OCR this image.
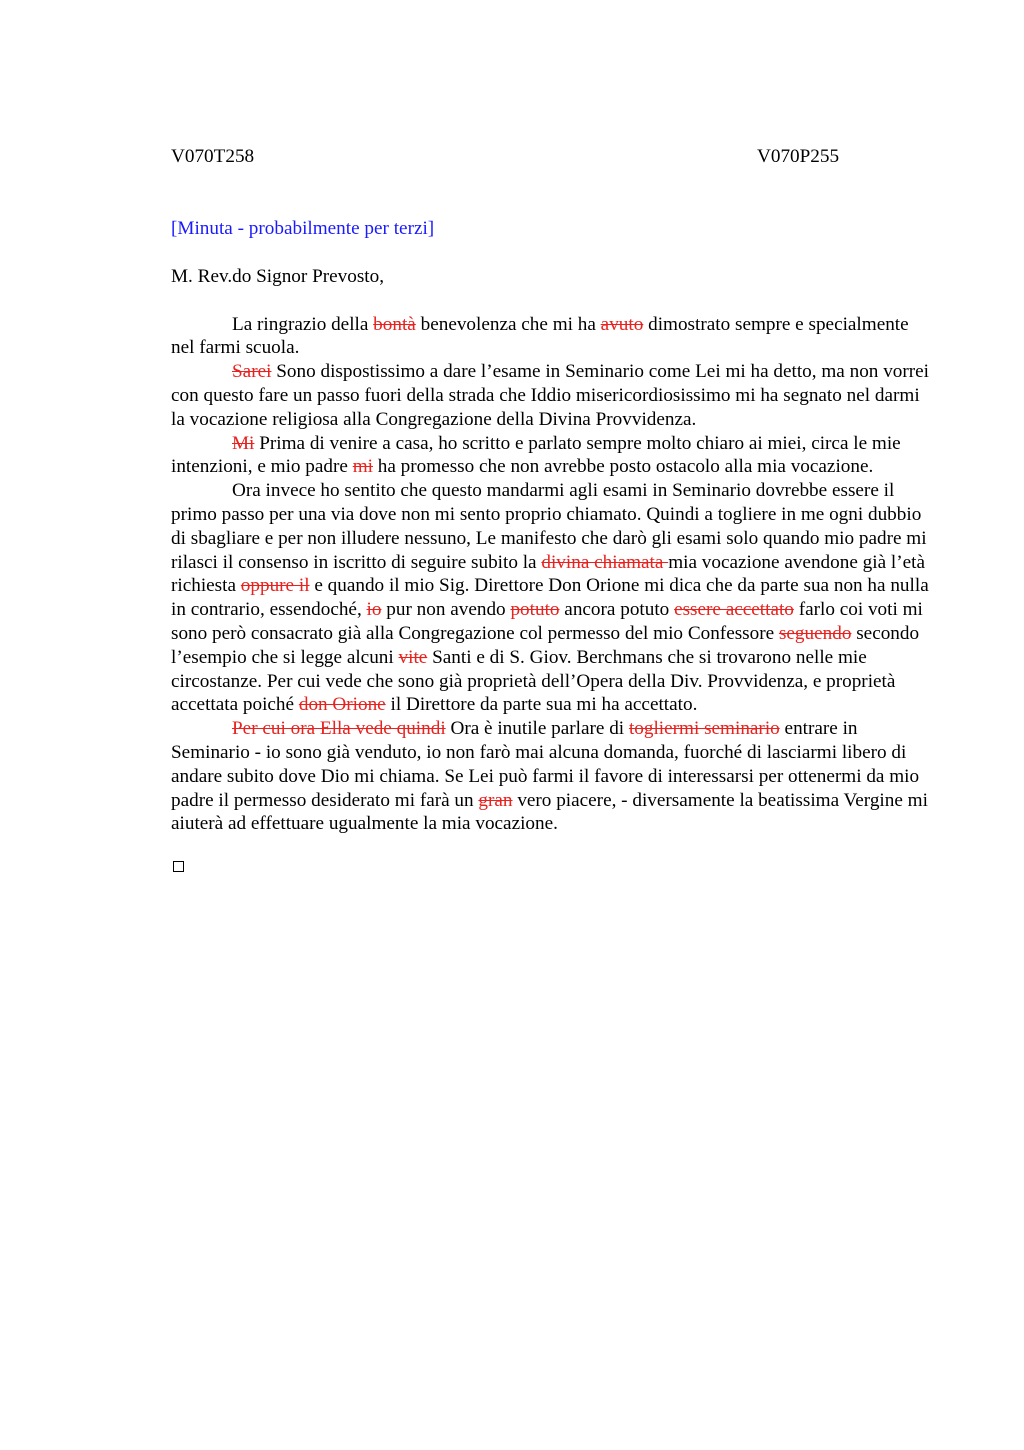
V070T258	V070P255
[Minuta - probabilmente per terzi]
M. Rev.do Signor Prevosto,

La ringrazio della bontà benevolenza che mi ha avuto dimostrato sempre e specialmente nel farmi scuola.

Sarei Sono dispostissimo a dare l’esame in Seminario come Lei mi ha detto, ma non vorrei con questo fare un passo fuori della strada che Iddio misericordiosissimo mi ha segnato nel darmi la vocazione religiosa alla Congregazione della Divina Provvidenza.

Mi Prima di venire a casa, ho scritto e parlato sempre molto chiaro ai miei, circa le mie intenzioni, e mio padre mi ha promesso che non avrebbe posto ostacolo alla mia vocazione.

Ora invece ho sentito che questo mandarmi agli esami in Seminario dovrebbe essere il primo passo per una via dove non mi sento proprio chiamato. Quindi a togliere in me ogni dubbio di sbagliare e per non illudere nessuno, Le manifesto che darò gli esami solo quando mio padre mi rilasci il consenso in iscritto di seguire subito la divina chiamata mia vocazione avendone già l’età richiesta oppure il e quando il mio Sig. Direttore Don Orione mi dica che da parte sua non ha nulla in contrario, essendoché, io pur non avendo potuto ancora potuto essere accettato farlo coi voti mi sono però consacrato già alla Congregazione col permesso del mio Confessore seguendo secondo l’esempio che si legge alcuni vite Santi e di S. Giov. Berchmans che si trovarono nelle mie circostanze. Per cui vede che sono già proprietà dell’Opera della Div. Provvidenza, e proprietà accettata poiché don Orione il Direttore da parte sua mi ha accettato.

Per cui ora Ella vede quindi Ora è inutile parlare di togliermi seminario entrare in Seminario - io sono già venduto, io non farò mai alcuna domanda, fuorché di lasciarmi libero di andare subito dove Dio mi chiama. Se Lei può farmi il favore di interessarsi per ottenermi da mio padre il permesso desiderato mi farà un gran vero piacere, - diversamente la beatissima Vergine mi aiuterà ad effettuare ugualmente la mia vocazione.
